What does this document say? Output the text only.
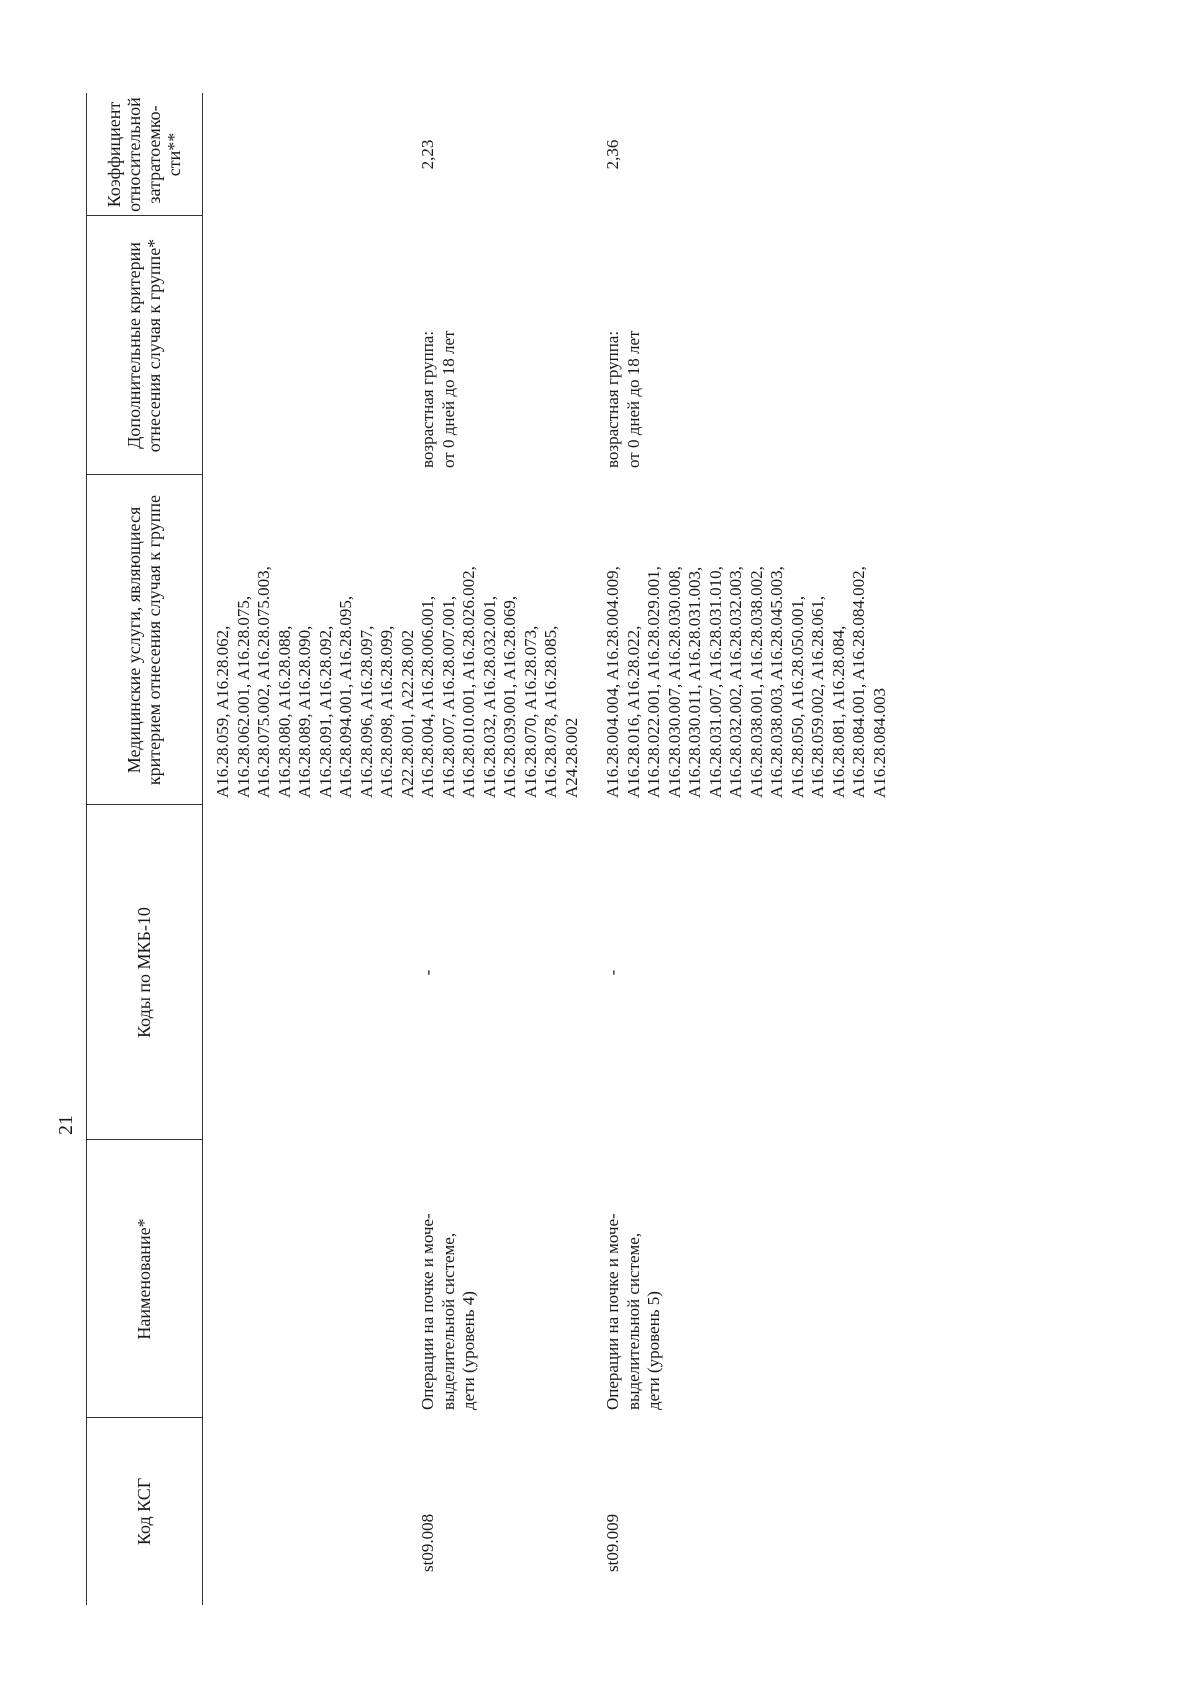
21
Код КСГ
Наименование*
Коды по МКБ-10
Медицинские услуги, являющиеся критерием отнесения случая к группе
Дополнительные критерии отнесения случая к группе*
Коэффициент относительной затратоемко-сти**
A16.28.059, A16.28.062, A16.28.062.001, A16.28.075, A16.28.075.002, A16.28.075.003, A16.28.080, A16.28.088, A16.28.089, A16.28.090, A16.28.091, A16.28.092, A16.28.094.001, A16.28.095, A16.28.096, A16.28.097, A16.28.098, A16.28.099, A22.28.001, A22.28.002
st09.008
Операции на почке и моче-
выделительной системе,
дети (уровень 4)
-
A16.28.004, A16.28.006.001, A16.28.007, A16.28.007.001, A16.28.010.001, A16.28.026.002, A16.28.032, A16.28.032.001, A16.28.039.001, A16.28.069, A16.28.070, A16.28.073, A16.28.078, A16.28.085, A24.28.002
возрастная группа:
от 0 дней до 18 лет
2,23
st09.009
Операции на почке и моче-
выделительной системе,
дети (уровень 5)
-
A16.28.004.004, A16.28.004.009, A16.28.016, A16.28.022, A16.28.022.001, A16.28.029.001, A16.28.030.007, A16.28.030.008, A16.28.030.011, A16.28.031.003, A16.28.031.007, A16.28.031.010, A16.28.032.002, A16.28.032.003, A16.28.038.001, A16.28.038.002, A16.28.038.003, A16.28.045.003, A16.28.050, A16.28.050.001, A16.28.059.002, A16.28.061, A16.28.081, A16.28.084, A16.28.084.001, A16.28.084.002, A16.28.084.003
возрастная группа:
от 0 дней до 18 лет
2,36
